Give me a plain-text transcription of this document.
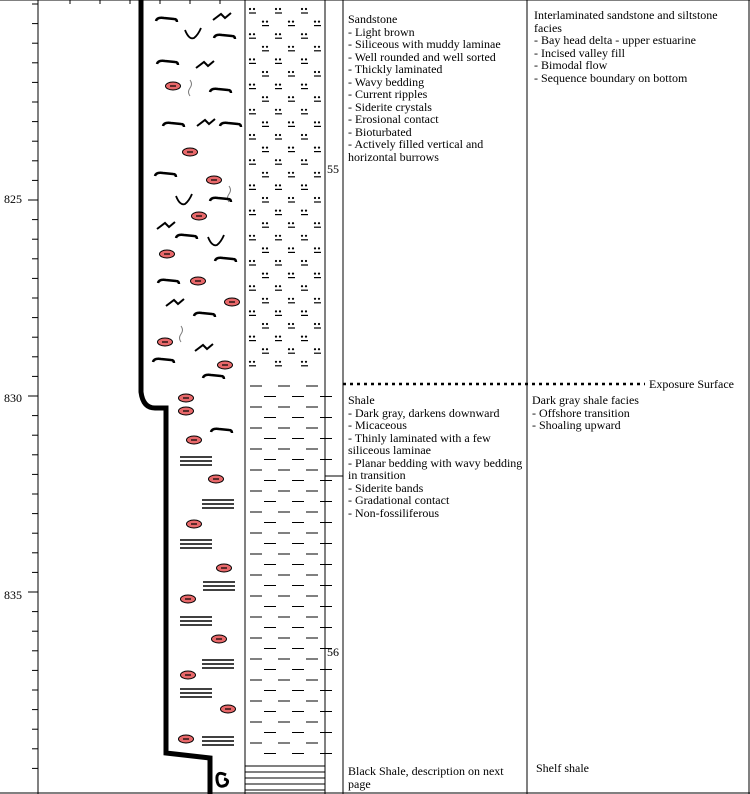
825
830
835
55
56
Sandstone
- Light brown
- Siliceous with muddy laminae
- Well rounded and well sorted
- Thickly laminated
- Wavy bedding
- Current ripples
- Siderite crystals
- Erosional contact
- Bioturbated
- Actively filled vertical and horizontal burrows
Interlaminated sandstone and siltstone facies
- Bay head delta - upper estuarine
- Incised valley fill
- Bimodal flow
- Sequence boundary on bottom
Shale
- Dark gray, darkens downward
- Micaceous
- Thinly laminated with a few siliceous laminae
- Planar bedding with wavy bedding in transition
- Siderite bands
- Gradational contact
- Non-fossiliferous
Dark gray shale facies
- Offshore transition
- Shoaling upward
Black Shale, description on next page
Shelf shale
Exposure Surface
